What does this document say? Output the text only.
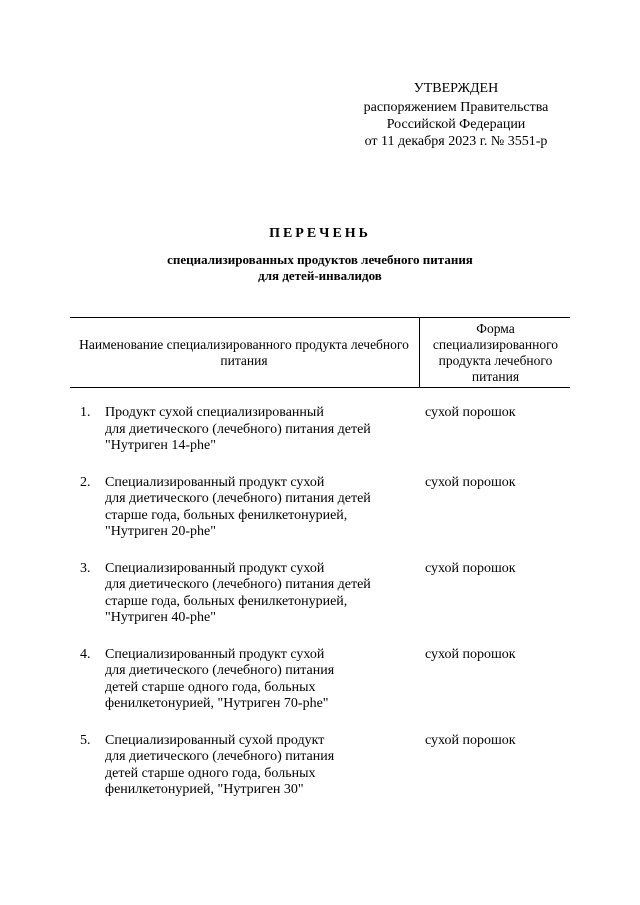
УТВЕРЖДЕН
распоряжением Правительства
Российской Федерации
от 11 декабря 2023 г. № 3551-р
ПЕРЕЧЕНЬ
специализированных продуктов лечебного питания
для детей-инвалидов
Наименование специализированного продукта лечебного питания
Форма специализированного продукта лечебного питания
1. Продукт сухой специализированный
для диетического (лечебного) питания детей
"Нутриген 14-phe"
сухой порошок
2. Специализированный продукт сухой
для диетического (лечебного) питания детей
старше года, больных фенилкетонурией,
"Нутриген 20-phe"
сухой порошок
3. Специализированный продукт сухой
для диетического (лечебного) питания детей
старше года, больных фенилкетонурией,
"Нутриген 40-phe"
сухой порошок
4. Специализированный продукт сухой
для диетического (лечебного) питания
детей старше одного года, больных
фенилкетонурией, "Нутриген 70-phe"
сухой порошок
5. Специализированный сухой продукт
для диетического (лечебного) питания
детей старше одного года, больных
фенилкетонурией, "Нутриген 30"
сухой порошок
